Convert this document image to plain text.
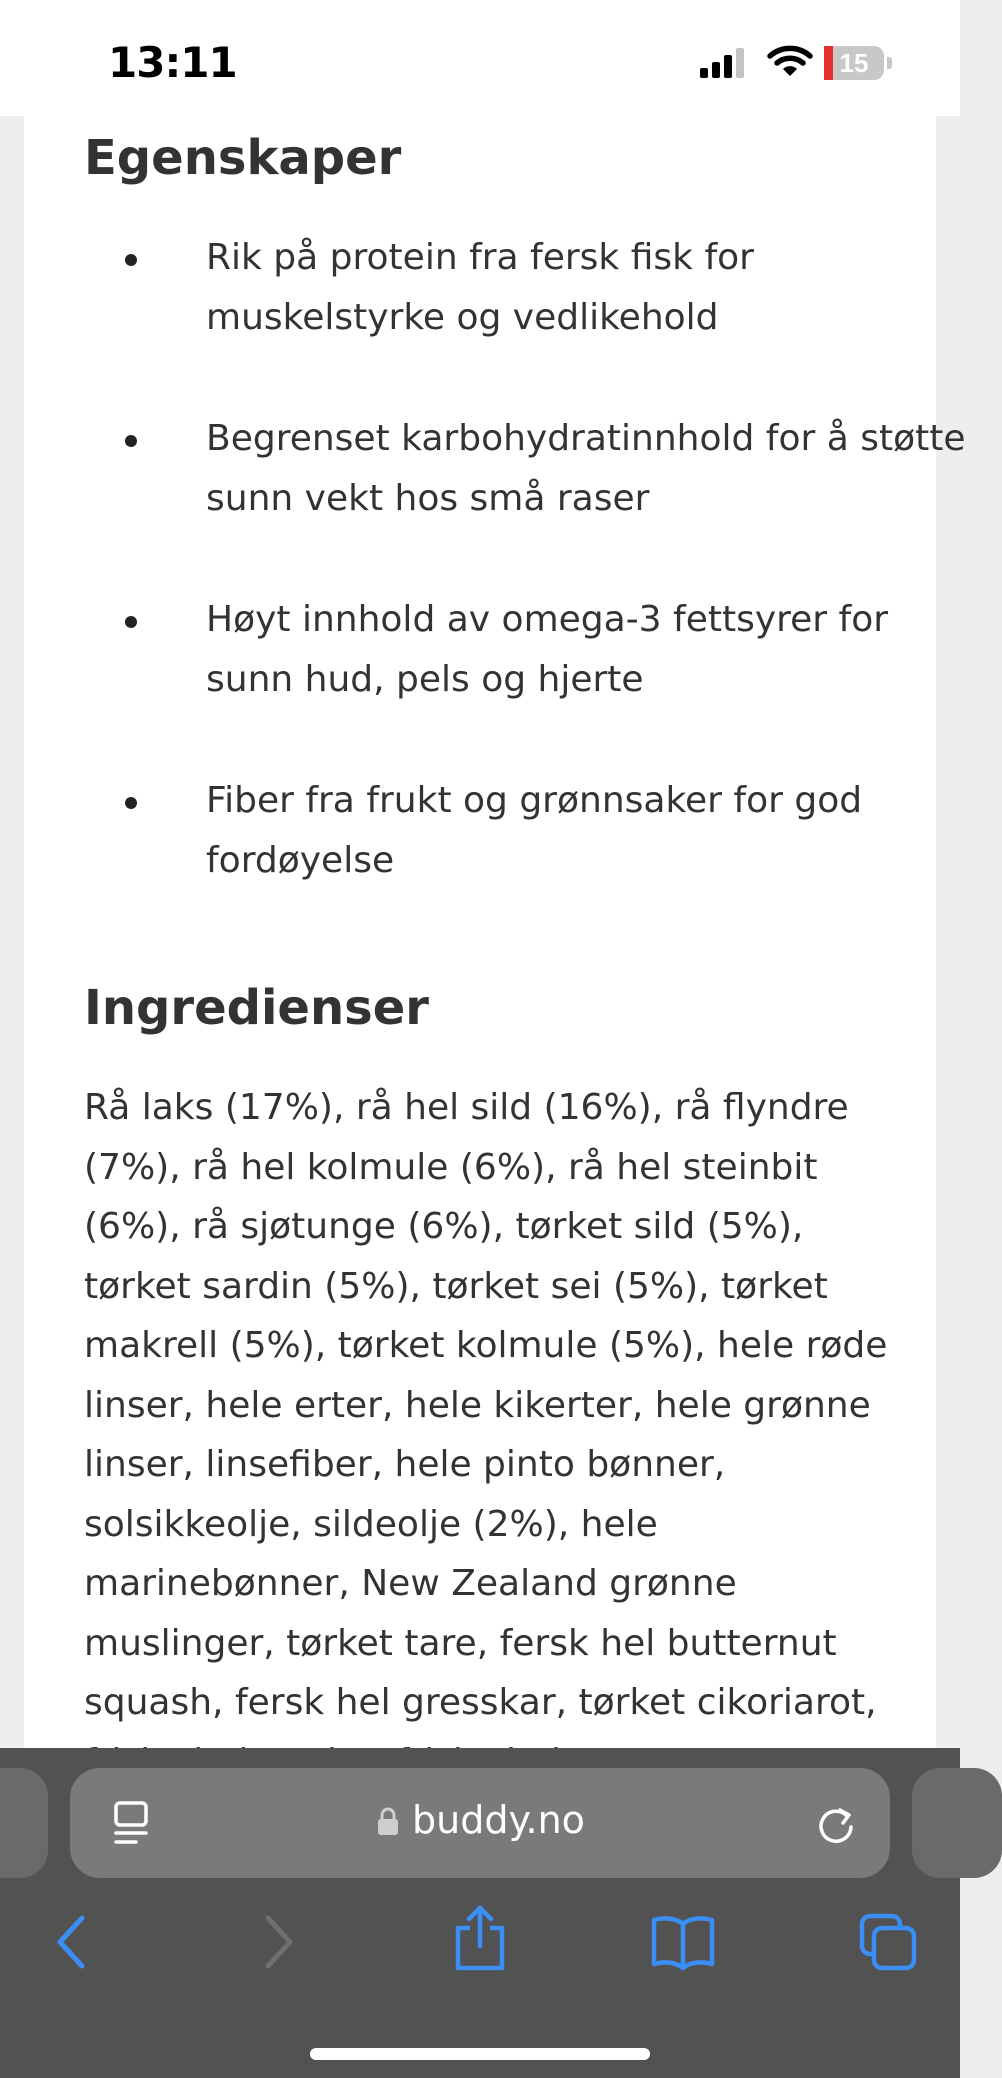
13:11	15
Egenskaper
Rik på protein fra fersk fisk for muskelstyrke og vedlikehold
Begrenset karbohydratinnhold for å støtte sunn vekt hos små raser
Høyt innhold av omega-3 fettsyrer for sunn hud, pels og hjerte
Fiber fra frukt og grønnsaker for god fordøyelse
Ingredienser

Rå laks (17%), rå hel sild (16%), rå flyndre (7%), rå hel kolmule (6%), rå hel steinbit (6%), rå sjøtunge (6%), tørket sild (5%), tørket sardin (5%), tørket sei (5%), tørket makrell (5%), tørket kolmule (5%), hele røde linser, hele erter, hele kikerter, hele grønne linser, linsefiber, hele pinto bønner, solsikkeolje, sildeolje (2%), hele marinebønner, New Zealand grønne muslinger, tørket tare, fersk hel butternut squash, fersk hel gresskar, tørket cikoriarot,

buddy.no
